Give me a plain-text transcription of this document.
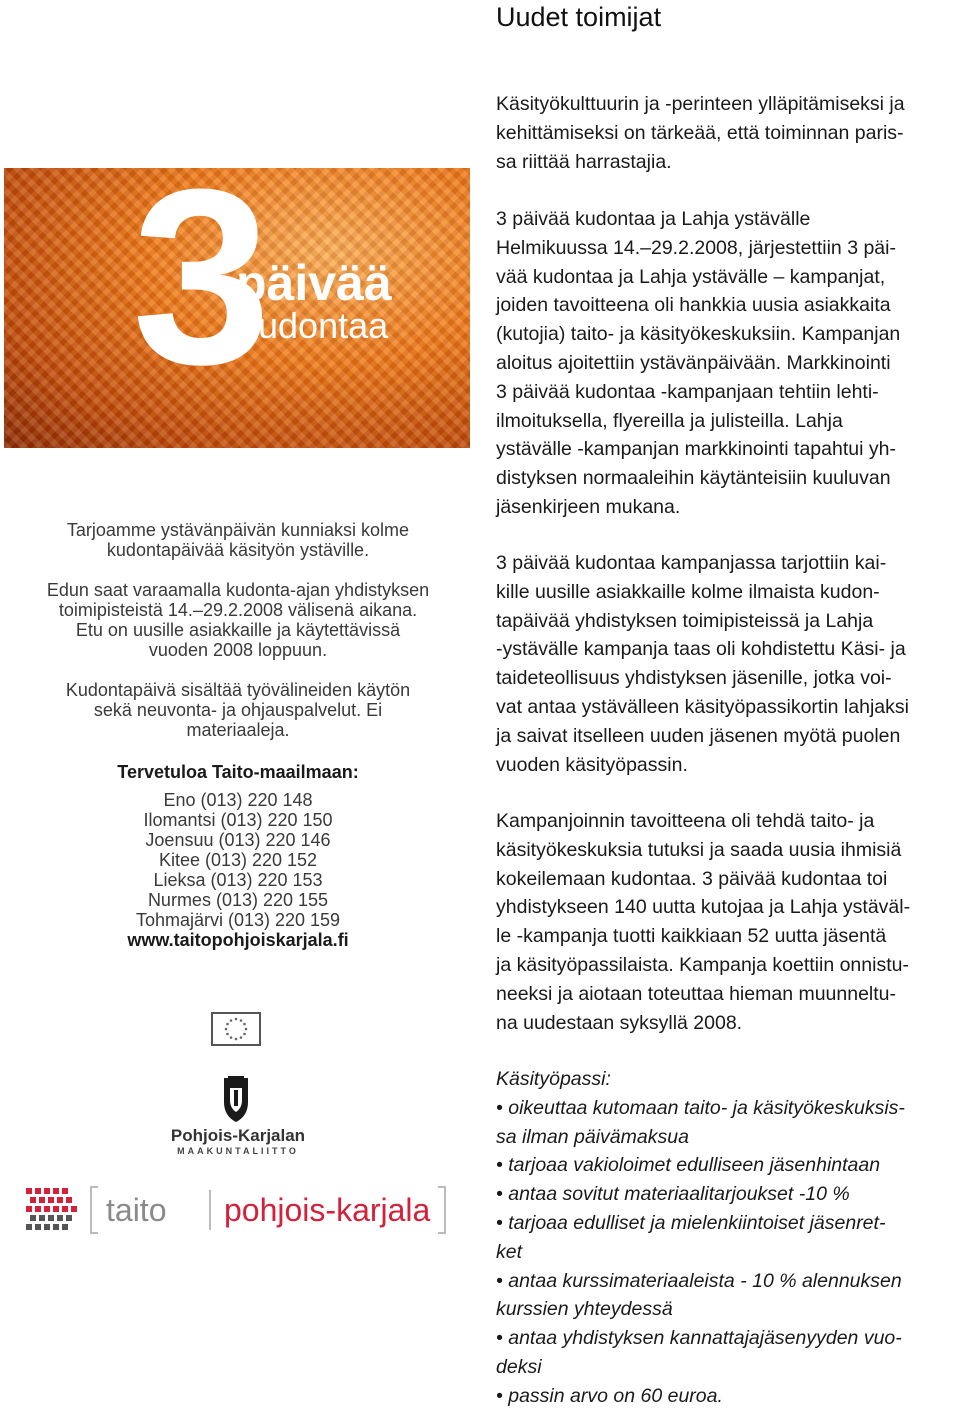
3
päivää
kudontaa
Tarjoamme ystävänpäivän kunniaksi kolme
kudontapäivää käsityön ystäville.
Edun saat varaamalla kudonta-ajan yhdistyksen
toimipisteistä 14.–29.2.2008 välisenä aikana.
Etu on uusille asiakkaille ja käytettävissä
vuoden 2008 loppuun.
Kudontapäivä sisältää työvälineiden käytön
sekä neuvonta- ja ohjauspalvelut. Ei
materiaaleja.
Tervetuloa Taito-maailmaan:
Eno (013) 220 148
Ilomantsi (013) 220 150
Joensuu (013) 220 146
Kitee (013) 220 152
Lieksa (013) 220 153
Nurmes (013) 220 155
Tohmajärvi (013) 220 159
www.taitopohjoiskarjala.fi
Pohjois-Karjalan
MAAKUNTALIITTO
taito pohjois-karjala
Uudet toimijat
Käsityökulttuurin ja -perinteen ylläpitämiseksi ja
kehittämiseksi on tärkeää, että toiminnan paris-
sa riittää harrastajia.
3 päivää kudontaa ja Lahja ystävälle
Helmikuussa 14.–29.2.2008, järjestettiin 3 päi-
vää kudontaa ja Lahja ystävälle – kampanjat,
joiden tavoitteena oli hankkia uusia asiakkaita
(kutojia) taito- ja käsityökeskuksiin. Kampanjan
aloitus ajoitettiin ystävänpäivään. Markkinointi
3 päivää kudontaa -kampanjaan tehtiin lehti-
ilmoituksella, flyereilla ja julisteilla. Lahja
ystävälle -kampanjan markkinointi tapahtui yh-
distyksen normaaleihin käytänteisiin kuuluvan
jäsenkirjeen mukana.
3 päivää kudontaa kampanjassa tarjottiin kai-
kille uusille asiakkaille kolme ilmaista kudon-
tapäivää yhdistyksen toimipisteissä ja Lahja
-ystävälle kampanja taas oli kohdistettu Käsi- ja
taideteollisuus yhdistyksen jäsenille, jotka voi-
vat antaa ystävälleen käsityöpassikortin lahjaksi
ja saivat itselleen uuden jäsenen myötä puolen
vuoden käsityöpassin.
Kampanjoinnin tavoitteena oli tehdä taito- ja
käsityökeskuksia tutuksi ja saada uusia ihmisiä
kokeilemaan kudontaa. 3 päivää kudontaa toi
yhdistykseen 140 uutta kutojaa ja Lahja ystäväl-
le -kampanja tuotti kaikkiaan 52 uutta jäsentä
ja käsityöpassilaista. Kampanja koettiin onnistu-
neeksi ja aiotaan toteuttaa hieman muunneltu-
na uudestaan syksyllä 2008.
Käsityöpassi:
• oikeuttaa kutomaan taito- ja käsityökeskuksis-
sa ilman päivämaksua
• tarjoaa vakioloimet edulliseen jäsenhintaan
• antaa sovitut materiaalitarjoukset -10 %
• tarjoaa edulliset ja mielenkiintoiset jäsenret-
ket
• antaa kurssimateriaaleista - 10 % alennuksen
kurssien yhteydessä
• antaa yhdistyksen kannattajajäsenyyden vuo-
deksi
• passin arvo on 60 euroa.
